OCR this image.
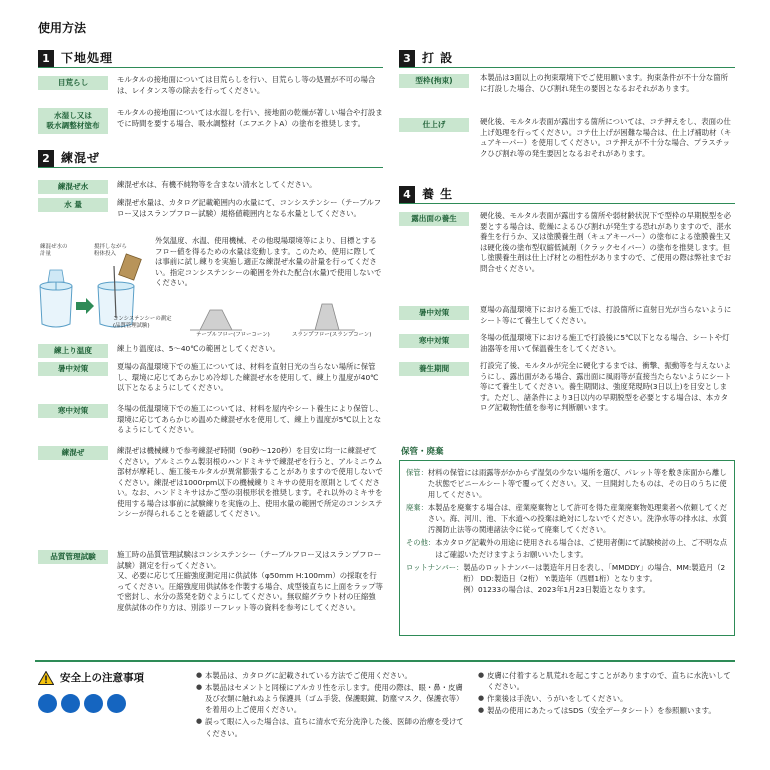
使用方法
1 下地処理
目荒らし	モルタルの接地面については目荒らしを行い、目荒らし等の処置が不可の場合は、レイタンス等の除去を行ってください。
水湿し又は
吸水調整材塗布
モルタルの接地面については水湿しを行い、接地面の乾燥が著しい場合や打設までに時間を要する場合、吸水調整材（エフエクトA）の塗布を推奨します。
2 練混ぜ
練混ぜ水	練混ぜ水は、有機不純物等を含まない清水としてください。
水 量	練混ぜ水量は、カタログ記載範囲内の水量にて、コンシステンシー（テーブルフロー又はスランプフロー試験）規格値範囲内となる水量としてください。
練混ぜ水の 計量
撹拌しながら 粉体投入
外気温度、水温、使用機械、その他現場環境等により、目標とするフロー値を得るための水量は変動します。このため、使用に際しては事前に試し練りを実施し適正な練混ぜ水量の計量を行ってください。指定コンシステンシーの範囲を外れた配合(水量)で使用しないでください。
コンシステンシーの測定
(品質管理試験)
テーブルフロー(フローコーン)	スランプフロー(スランプコーン)
練上り温度	練上り温度は、5～40℃の範囲としてください。
暑中対策	夏場の高温環境下での施工については、材料を直射日光の当らない場所に保管し、環境に応じてあらかじめ冷却した練混ぜ水を使用して、練上り温度が40℃以下となるようにしてください。
寒中対策	冬場の低温環境下での施工については、材料を屋内やシート養生により保管し、環境に応じてあらかじめ温めた練混ぜ水を使用して、練上り温度が5℃以上となるようにしてください。
練混ぜ	練混ぜは機械練りで参考練混ぜ時間（90秒～120秒）を目安に均一に練混ぜてください。アルミニウム製羽根のハンドミキサで練混ぜを行うと、アルミニウム部材が摩耗し、施工後モルタルが異常膨張することがありますので使用しないでください。練混ぜは1000rpm以下の機械練りミキサの使用を原則としてください。なお、ハンドミキサはかご型の羽根形状を推奨します。それ以外のミキサを使用する場合は事前に試験練りを実施の上、使用水量の範囲で所定のコンシステンシーが得られることを確認してください。
品質管理試験	施工時の品質管理試験はコンシステンシー（テーブルフロー又はスランプフロー試験）測定を行ってください。
又、必要に応じて圧縮強度測定用に供試体（φ50mm H:100mm）の採取を行ってください。圧縮強度用供試体を作製する場合、成型後直ちに上面をラップ等で密封し、水分の蒸発を防ぐようにしてください。無収縮グラウト材の圧縮強度供試体の作り方は、別添リーフレット等の資料を参考にしてください。
3 打 設
型枠(拘束)	本製品は3面以上の拘束環境下でご使用願います。拘束条件が不十分な箇所に打設した場合、ひび割れ発生の要因となるおそれがあります。
仕上げ	硬化後、モルタル表面が露出する箇所については、コテ押えをし、表面の仕上げ処理を行ってください。コテ仕上げが困難な場合は、仕上げ補助材（キュアキーパー）を使用してください。コテ押えが不十分な場合、プラスチックひび割れ等の発生要因となるおそれがあります。
4 養 生
露出面の養生	硬化後、モルタル表面が露出する箇所や弱材齢状況下で型枠の早期脱型を必要とする場合は、乾燥によるひび割れが発生する恐れがありますので、湛水養生を行うか、又は塗膜養生剤（キュアキーパー）の塗布による塗膜養生又は硬化後の塗布型収縮低減剤（クラックセイバー）の塗布を推奨します。但し塗膜養生剤は仕上げ材との相性がありますので、ご使用の際は弊社までお問合せください。
暑中対策	夏場の高温環境下における施工では、打設箇所に直射日光が当らないようにシート等にて養生してください。
寒中対策	冬場の低温環境下における施工で打設後に5℃以下となる場合、シートや灯油器等を用いて保温養生をしてください。
養生期間	打設完了後、モルタルが完全に硬化するまでは、衝撃、振動等を与えないようにし、露出面がある場合、露出面に風雨等が直接当たらないようにシート等にて養生してください。養生期間は、強度発現時(3日以上)を目安とします。ただし、諸条件により3日以内の早期脱型を必要とする場合は、本カタログ記載物性値を参考に判断願います。
保管・廃棄
保管： 材料の保管には雨露等がかからず湿気の少ない場所を選び、パレット等を敷き床面から離した状態でビニールシート等で覆ってください。又、一旦開封したものは、その日のうちに使用してください。
廃棄： 本製品を廃棄する場合は、産業廃棄物として許可を得た産業廃棄物処理業者へ依頼してください。海、河川、池、下水道への投棄は絶対にしないでください。洗浄水等の排水は、水質汚濁防止法等の関連諸法令に従って廃棄してください。
その他： 本カタログ記載外の用途に使用される場合は、ご使用者側にて試験検討の上、ご不明な点はご確認いただけますようお願いいたします。
ロットナンバー： 製品のロットナンバーは製造年月日を表し、「MMDDY」の場合、MM:製造月（2桁） DD:製造日（2桁） Y:製造年（西暦1桁）となります。
例）01233の場合は、2023年1月23日製造となります。
安全上の注意事項	● 本製品は、カタログに記載されている方法でご使用ください。
● 本製品はセメントと同様にアルカリ性を示します。使用の際は、眼・鼻・皮膚及び衣類に触れぬよう保護具（ゴム手袋、保護眼鏡、防塵マスク、保護衣等）を着用の上ご使用ください。
● 誤って眼に入った場合は、直ちに清水で充分洗浄した後、医師の治療を受けてください。
● 皮膚に付着すると肌荒れを起こすことがありますので、直ちに水洗いしてください。
● 作業後は手洗い、うがいをしてください。
● 製品の使用にあたってはSDS（安全データシート）を参照願います。
